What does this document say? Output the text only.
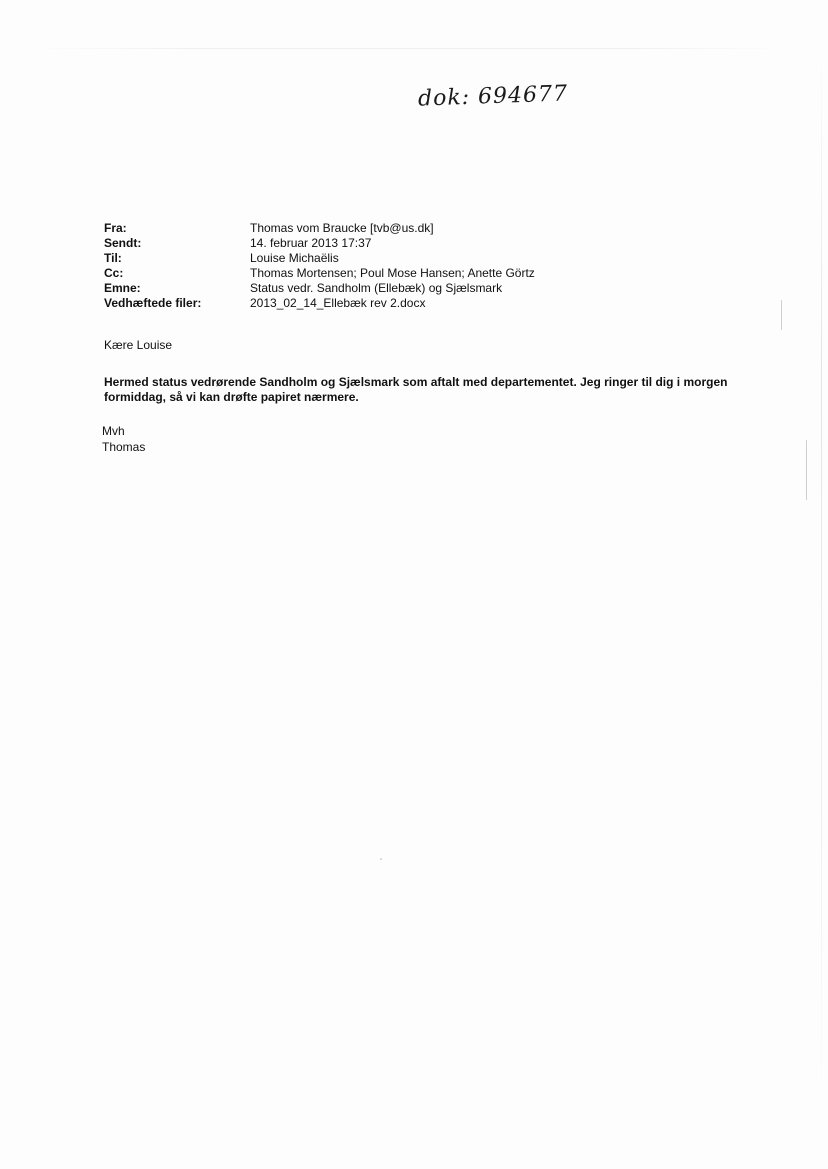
dok: 694677
Fra:	Thomas vom Braucke [tvb@us.dk]
Sendt:	14. februar 2013 17:37
Til:	Louise Michaëlis
Cc:	Thomas Mortensen; Poul Mose Hansen; Anette Görtz
Emne:	Status vedr. Sandholm (Ellebæk) og Sjælsmark
Vedhæftede filer:	2013_02_14_Ellebæk rev 2.docx
Kære Louise
Hermed status vedrørende Sandholm og Sjælsmark som aftalt med departementet. Jeg ringer til dig i morgen formiddag, så vi kan drøfte papiret nærmere.
Mvh
Thomas
